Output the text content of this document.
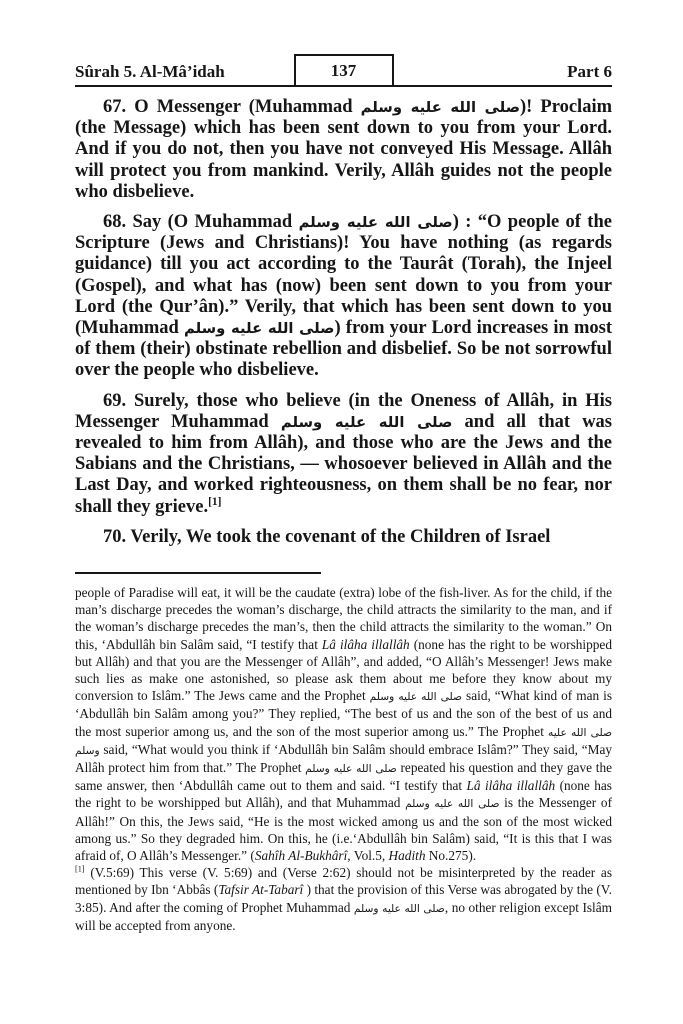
Sûrah 5. Al-Mâ’idah	Part 6
137

67. O Messenger (Muhammad صلى الله عليه وسلم)! Proclaim (the Message) which has been sent down to you from your Lord. And if you do not, then you have not conveyed His Message. Allâh will protect you from mankind. Verily, Allâh guides not the people who disbelieve.

68. Say (O Muhammad صلى الله عليه وسلم) : “O people of the Scripture (Jews and Christians)! You have nothing (as regards guidance) till you act according to the Taurât (Torah), the Injeel (Gospel), and what has (now) been sent down to you from your Lord (the Qur’ân).” Verily, that which has been sent down to you (Muhammad صلى الله عليه وسلم) from your Lord increases in most of them (their) obstinate rebellion and disbelief. So be not sorrowful over the people who disbelieve.

69. Surely, those who believe (in the Oneness of Allâh, in His Messenger Muhammad صلى الله عليه وسلم and all that was revealed to him from Allâh), and those who are the Jews and the Sabians and the Christians, — whosoever believed in Allâh and the Last Day, and worked righteousness, on them shall be no fear, nor shall they grieve.[1]

70. Verily, We took the covenant of the Children of Israel

people of Paradise will eat, it will be the caudate (extra) lobe of the fish-liver. As for the child, if the man’s discharge precedes the woman’s discharge, the child attracts the similarity to the man, and if the woman’s discharge precedes the man’s, then the child attracts the similarity to the woman.” On this, ‘Abdullâh bin Salâm said, “I testify that Lâ ilâha illallâh (none has the right to be worshipped but Allâh) and that you are the Messenger of Allâh”, and added, “O Allâh’s Messenger! Jews make such lies as make one astonished, so please ask them about me before they know about my conversion to Islâm.” The Jews came and the Prophet صلى الله عليه وسلم said, “What kind of man is ‘Abdullâh bin Salâm among you?” They replied, “The best of us and the son of the best of us and the most superior among us, and the son of the most superior among us.” The Prophet صلى الله عليه وسلم said, “What would you think if ‘Abdullâh bin Salâm should embrace Islâm?” They said, “May Allâh protect him from that.” The Prophet صلى الله عليه وسلم repeated his question and they gave the same answer, then ‘Abdullâh came out to them and said. “I testify that Lâ ilâha illallâh (none has the right to be worshipped but Allâh), and that Muhammad صلى الله عليه وسلم is the Messenger of Allâh!” On this, the Jews said, “He is the most wicked among us and the son of the most wicked among us.” So they degraded him. On this, he (i.e.‘Abdullâh bin Salâm) said, “It is this that I was afraid of, O Allâh’s Messenger.” (Sahîh Al-Bukhârî, Vol.5, Hadith No.275).

[1] (V.5:69) This verse (V. 5:69) and (Verse 2:62) should not be misinterpreted by the reader as mentioned by Ibn ‘Abbâs (Tafsir At-Tabarî ) that the provision of this Verse was abrogated by the (V. 3:85). And after the coming of Prophet Muhammad صلى الله عليه وسلم, no other religion except Islâm will be accepted from anyone.
